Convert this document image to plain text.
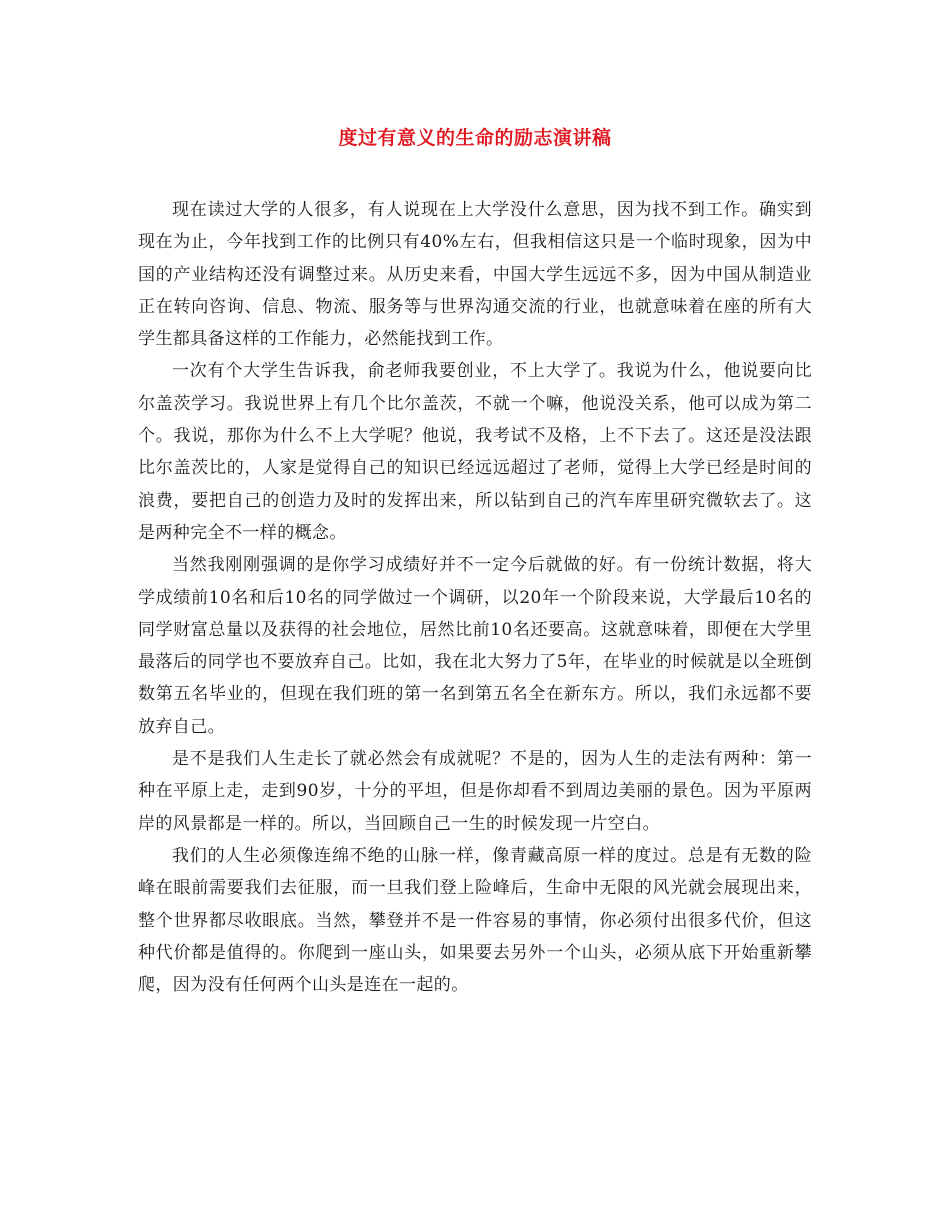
度过有意义的生命的励志演讲稿

现在读过大学的人很多，有人说现在上大学没什么意思，因为找不到工作。确实到现在为止，今年找到工作的比例只有40%左右，但我相信这只是一个临时现象，因为中国的产业结构还没有调整过来。从历史来看，中国大学生远远不多，因为中国从制造业正在转向咨询、信息、物流、服务等与世界沟通交流的行业，也就意味着在座的所有大学生都具备这样的工作能力，必然能找到工作。

一次有个大学生告诉我，俞老师我要创业，不上大学了。我说为什么，他说要向比尔盖茨学习。我说世界上有几个比尔盖茨，不就一个嘛，他说没关系，他可以成为第二个。我说，那你为什么不上大学呢？他说，我考试不及格，上不下去了。这还是没法跟比尔盖茨比的，人家是觉得自己的知识已经远远超过了老师，觉得上大学已经是时间的浪费，要把自己的创造力及时的发挥出来，所以钻到自己的汽车库里研究微软去了。这是两种完全不一样的概念。

当然我刚刚强调的是你学习成绩好并不一定今后就做的好。有一份统计数据，将大学成绩前10名和后10名的同学做过一个调研，以20年一个阶段来说，大学最后10名的同学财富总量以及获得的社会地位，居然比前10名还要高。这就意味着，即便在大学里最落后的同学也不要放弃自己。比如，我在北大努力了5年，在毕业的时候就是以全班倒数第五名毕业的，但现在我们班的第一名到第五名全在新东方。所以，我们永远都不要放弃自己。

是不是我们人生走长了就必然会有成就呢？不是的，因为人生的走法有两种：第一种在平原上走，走到90岁，十分的平坦，但是你却看不到周边美丽的景色。因为平原两岸的风景都是一样的。所以，当回顾自己一生的时候发现一片空白。

我们的人生必须像连绵不绝的山脉一样，像青藏高原一样的度过。总是有无数的险峰在眼前需要我们去征服，而一旦我们登上险峰后，生命中无限的风光就会展现出来，整个世界都尽收眼底。当然，攀登并不是一件容易的事情，你必须付出很多代价，但这种代价都是值得的。你爬到一座山头，如果要去另外一个山头，必须从底下开始重新攀爬，因为没有任何两个山头是连在一起的。
